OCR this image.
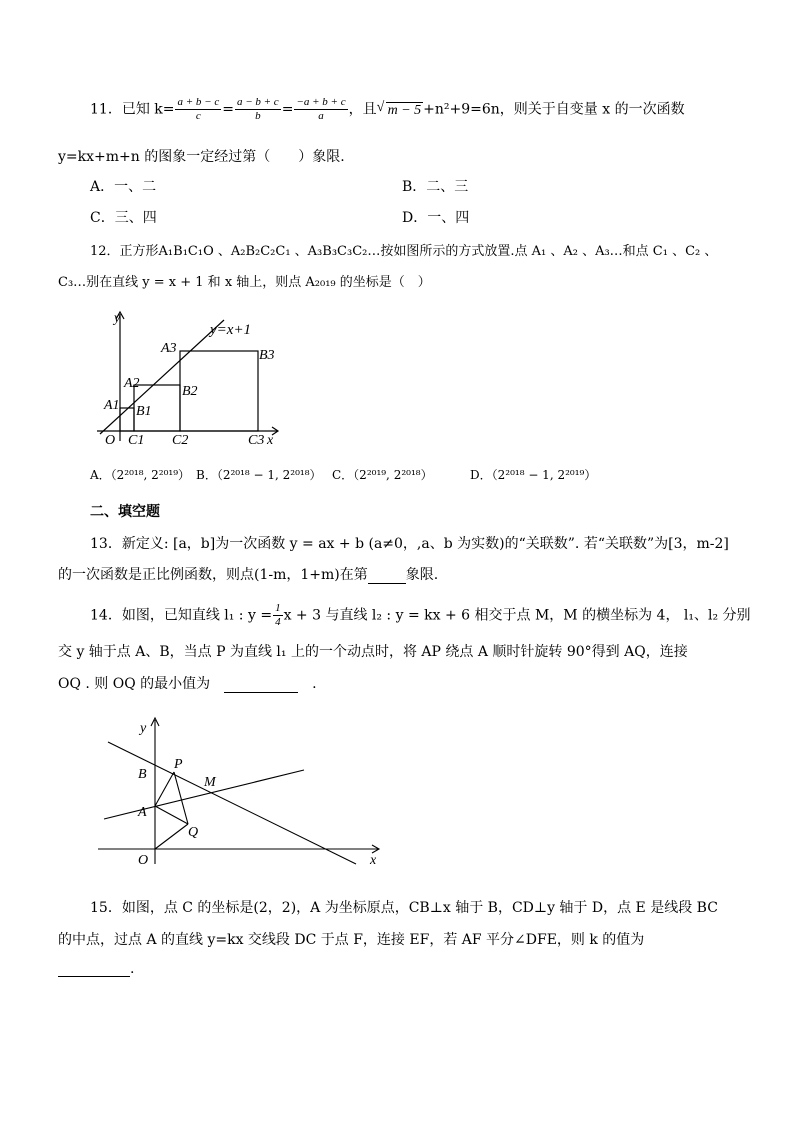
11．已知 $k= \frac{a + b - c}{c} = \frac{a - b + c}{b} = \frac{-a + b + c}{a}$ ，且√ m − 5 +n²+9=6n，则关于自变量 x 的一次函数
y=kx+m+n 的图象一定经过第（　　）象限.
A．一、二	B．二、三
C．三、四	D．一、四
12．正方形A₁B₁C₁O 、A₂B₂C₂C₁ 、A₃B₃C₃C₂…按如图所示的方式放置.点 A₁ 、A₂ 、A₃…和点 C₁ 、C₂ 、
C₃…别在直线 y = x + 1 和 x 轴上，则点 A₂₀₁₉ 的坐标是（　）
y
x
y=x+1
O
A1
A2
A3
B1
B2
B3
C1 C2	C3
A．（2²⁰¹⁸, 2²⁰¹⁹） B．（2²⁰¹⁸ − 1, 2²⁰¹⁸） C．（2²⁰¹⁹, 2²⁰¹⁸）	D．（2²⁰¹⁸ − 1, 2²⁰¹⁹）
二、填空题
13．新定义: [a，b]为一次函数 y = ax + b (a≠0，,a、b 为实数)的“关联数”. 若“关联数”为[3，m-2]
的一次函数是正比例函数，则点(1-m，1+m)在第	象限.
14．如图，已知直线 l₁ : $y = \frac{1}{4}$ x + 3 与直线 l₂ : y = kx + 6 相交于点 M，M 的横坐标为 4， l₁、l₂ 分别
交 y 轴于点 A、B，当点 P 为直线 l₁ 上的一个动点时，将 AP 绕点 A 顺时针旋转 90°得到 AQ，连接
OQ . 则 OQ 的最小值为　　	.
y
x
B
P
M
A
Q
O
15．如图，点 C 的坐标是(2，2)，A 为坐标原点，CB⊥x 轴于 B，CD⊥y 轴于 D，点 E 是线段 BC
的中点，过点 A 的直线 y=kx 交线段 DC 于点 F，连接 EF，若 AF 平分∠DFE，则 k 的值为
.
